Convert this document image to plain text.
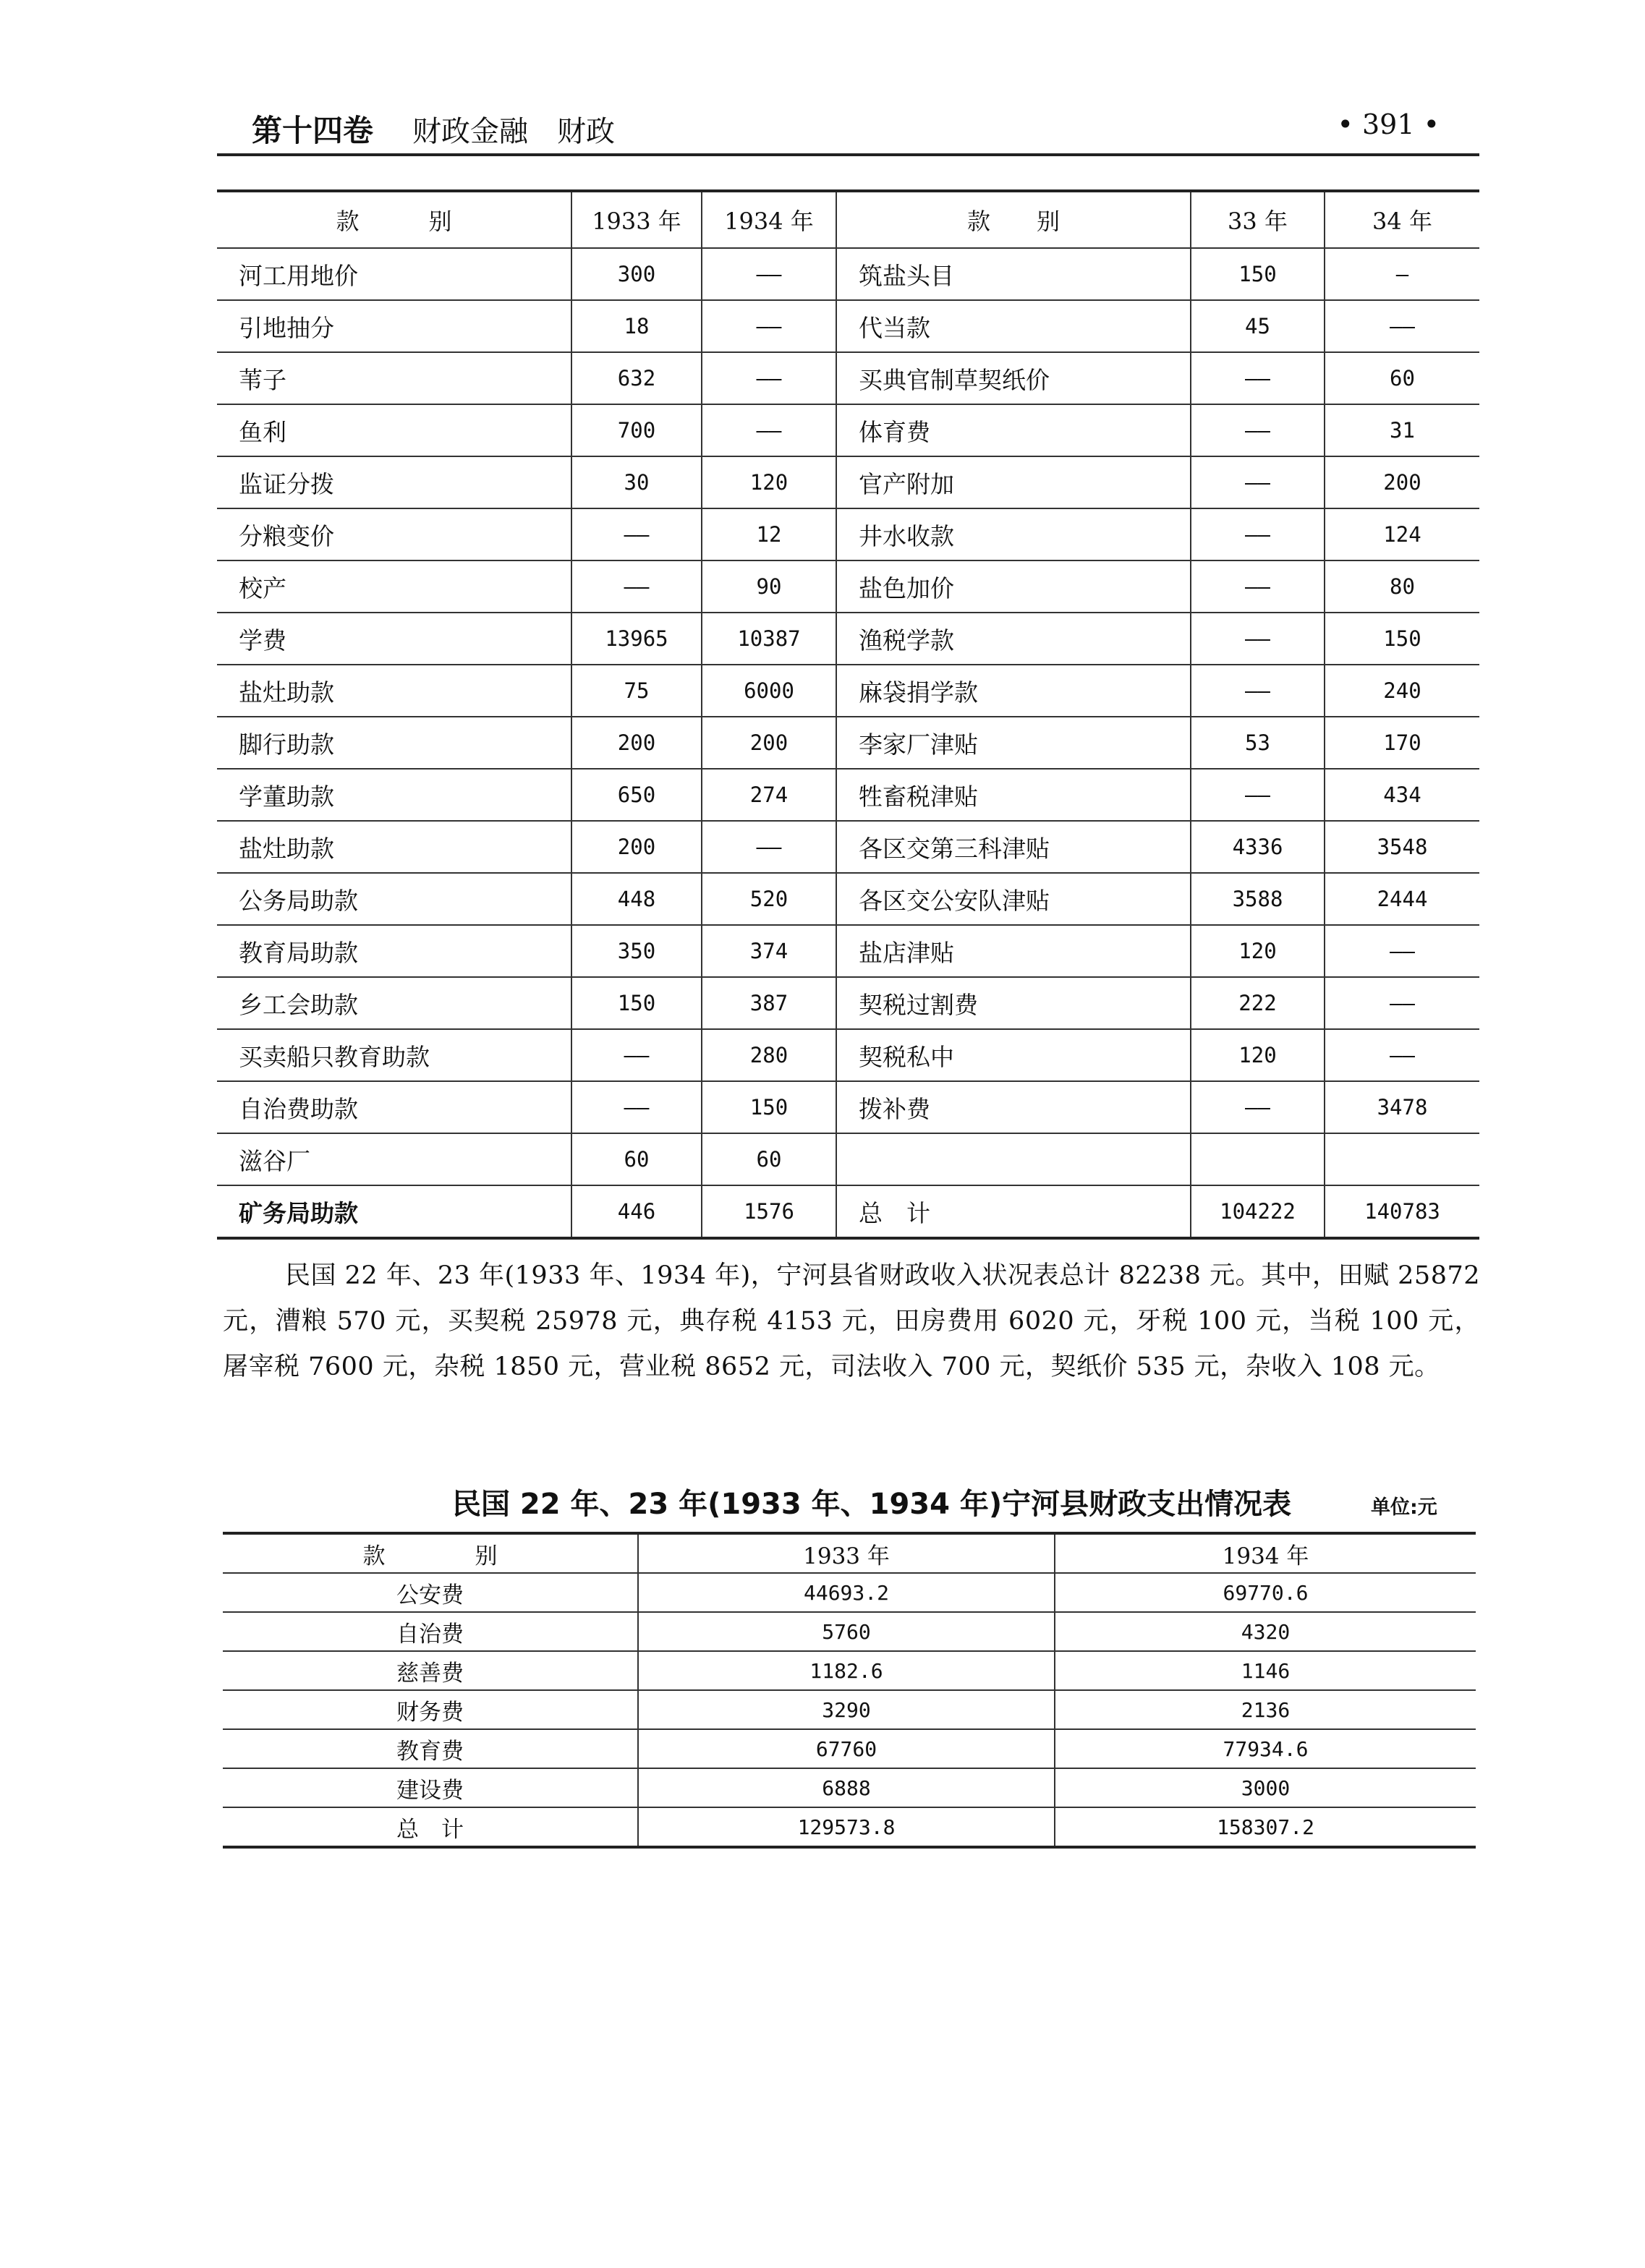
第十四卷 财政金融　财政	• 391 •
款　　　别	1933 年	1934 年	款　　别	33 年	34 年
河工用地价	300	——	筑盐头目	150	—
引地抽分	18	——	代当款	45	——
苇子	632	——	买典官制草契纸价	——	60
鱼利	700	——	体育费	——	31
监证分拨	30	120	官产附加	——	200
分粮变价	——	12	井水收款	——	124
校产	——	90	盐色加价	——	80
学费	13965	10387	渔税学款	——	150
盐灶助款	75	6000	麻袋捐学款	——	240
脚行助款	200	200	李家厂津贴	53	170
学董助款	650	274	牲畜税津贴	——	434
盐灶助款	200	——	各区交第三科津贴	4336	3548
公务局助款	448	520	各区交公安队津贴	3588	2444
教育局助款	350	374	盐店津贴	120	——
乡工会助款	150	387	契税过割费	222	——
买卖船只教育助款	——	280	契税私中	120	——
自治费助款	——	150	拨补费	——	3478
滋谷厂	60	60			
矿务局助款	446	1576	总　计	104222	140783

民国 22 年、23 年(1933 年、1934 年)，宁河县省财政收入状况表总计 82238 元。其中，田赋 25872 元，漕粮 570 元，买契税 25978 元，典存税 4153 元，田房费用 6020 元，牙税 100 元，当税 100 元，屠宰税 7600 元，杂税 1850 元，营业税 8652 元，司法收入 700 元，契纸价 535 元，杂收入 108 元。

民国 22 年、23 年(1933 年、1934 年)宁河县财政支出情况表	单位:元
款　　　　别	1933 年	1934 年
公安费	44693.2	69770.6
自治费	5760	4320
慈善费	1182.6	1146
财务费	3290	2136
教育费	67760	77934.6
建设费	6888	3000
总　计	129573.8	158307.2
